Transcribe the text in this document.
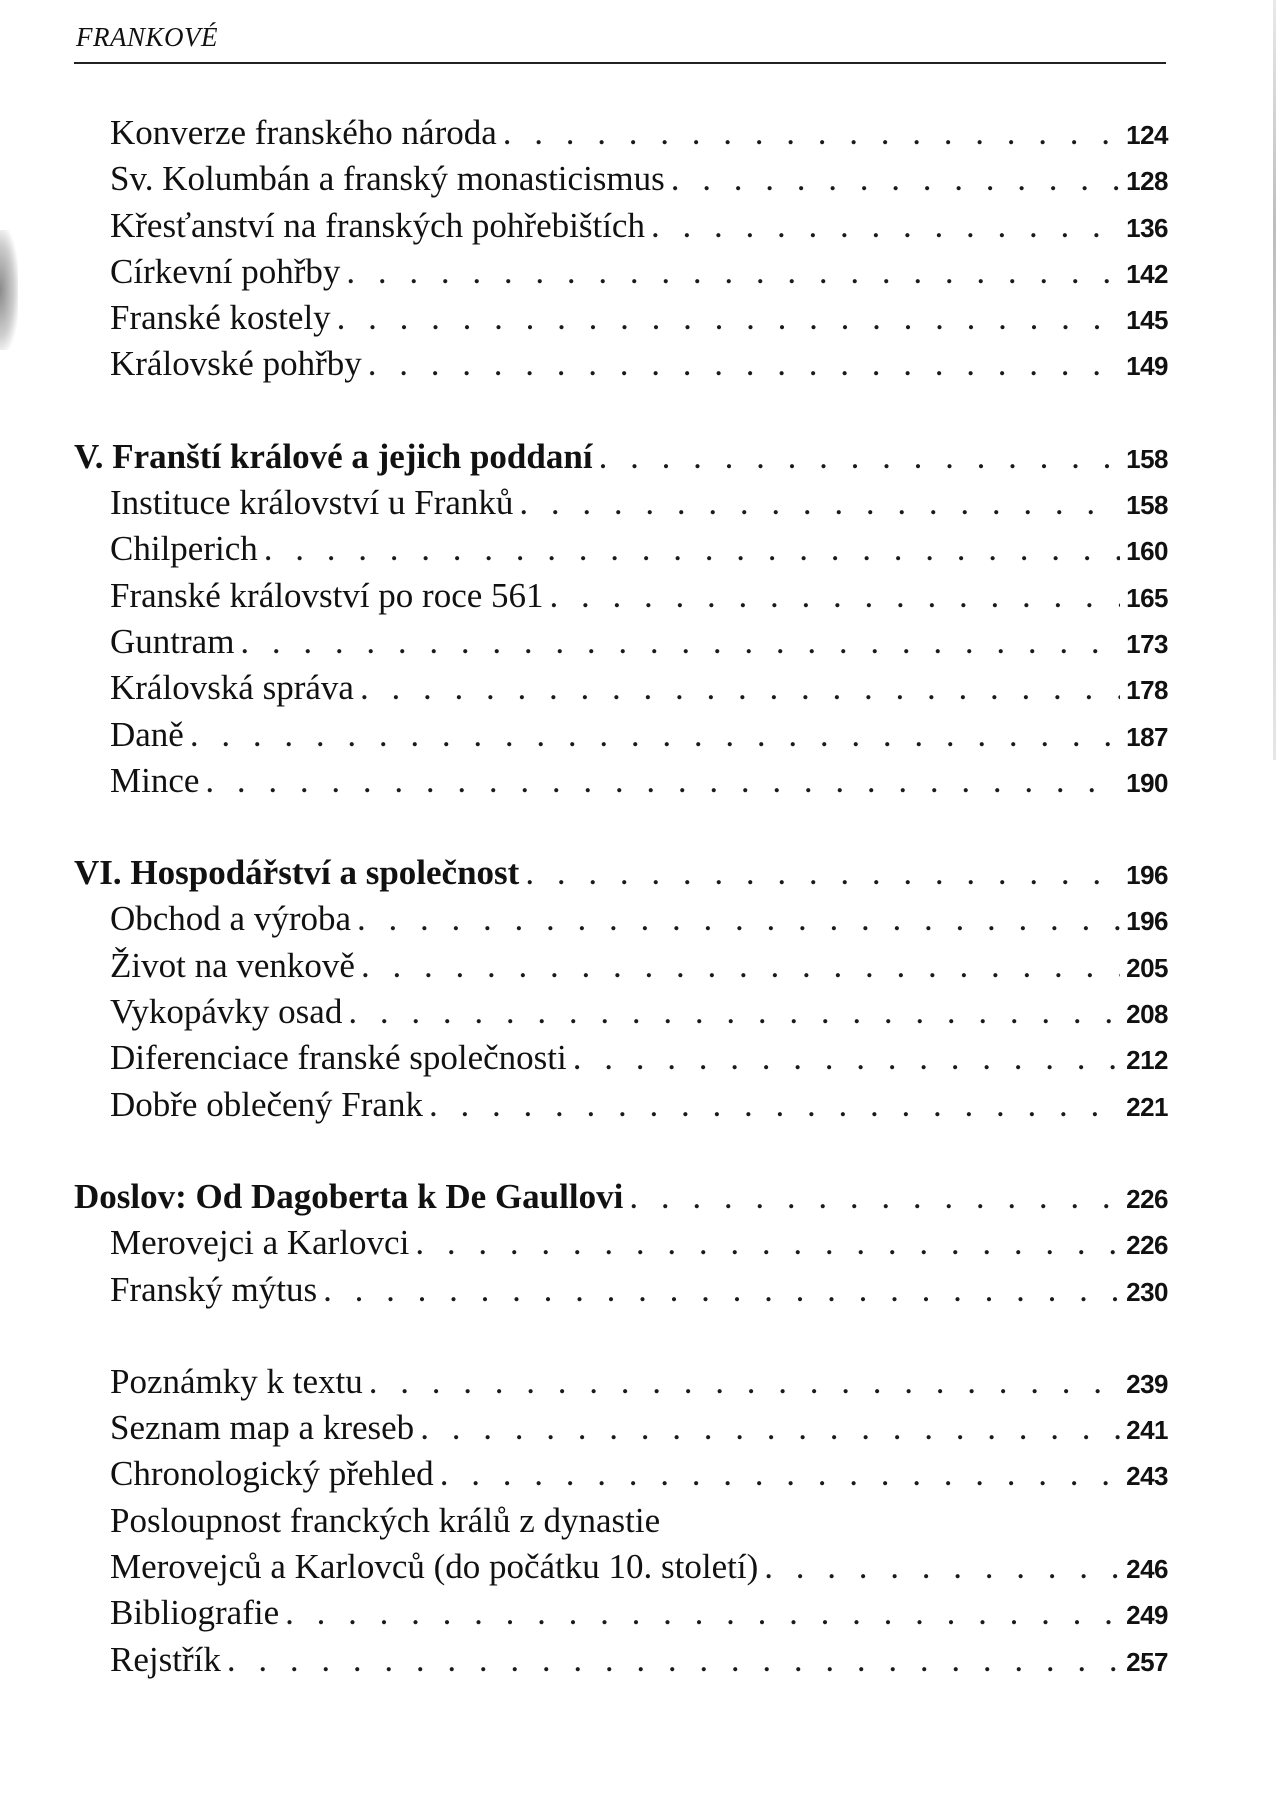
FRANKOVÉ
Konverze franského národa . . .	124
Sv. Kolumbán a franský monasticismus . . .	128
Křesťanství na franských pohřebištích . . .	136
Církevní pohřby . . .	142
Franské kostely . . .	145
Královské pohřby . . .	149
V. Franští králové a jejich poddaní . . .	158
Instituce království u Franků . . .	158
Chilperich . . .	160
Franské království po roce 561 . . .	165
Guntram . . .	173
Královská správa . . .	178
Daně . . .	187
Mince . . .	190
VI. Hospodářství a společnost . . .	196
Obchod a výroba . . .	196
Život na venkově . . .	205
Vykopávky osad . . .	208
Diferenciace franské společnosti . . .	212
Dobře oblečený Frank . . .	221
Doslov: Od Dagoberta k De Gaullovi . . .	226
Merovejci a Karlovci . . .	226
Franský mýtus . . .	230
Poznámky k textu . . .	239
Seznam map a kreseb . . .	241
Chronologický přehled . . .	243
Posloupnost franckých králů z dynastie
Merovejců a Karlovců (do počátku 10. století) . . .	246
Bibliografie . . .	249
Rejstřík . . .	257
